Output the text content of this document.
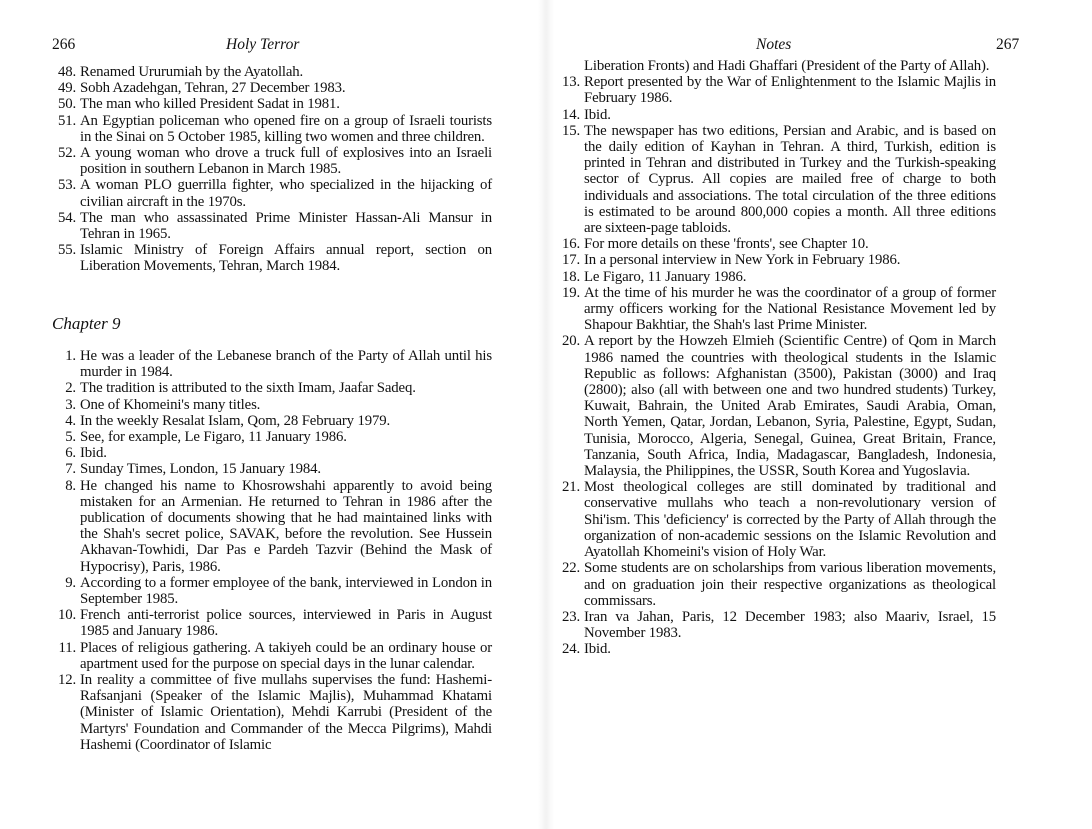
266	Holy Terror
48. Renamed Ururumiah by the Ayatollah.
49. Sobh Azadehgan, Tehran, 27 December 1983.
50. The man who killed President Sadat in 1981.
51. An Egyptian policeman who opened fire on a group of Israeli tourists in the Sinai on 5 October 1985, killing two women and three children.
52. A young woman who drove a truck full of explosives into an Israeli position in southern Lebanon in March 1985.
53. A woman PLO guerrilla fighter, who specialized in the hijacking of civilian aircraft in the 1970s.
54. The man who assassinated Prime Minister Hassan-Ali Mansur in Tehran in 1965.
55. Islamic Ministry of Foreign Affairs annual report, section on Liberation Movements, Tehran, March 1984.
Chapter 9
1. He was a leader of the Lebanese branch of the Party of Allah until his murder in 1984.
2. The tradition is attributed to the sixth Imam, Jaafar Sadeq.
3. One of Khomeini's many titles.
4. In the weekly Resalat Islam, Qom, 28 February 1979.
5. See, for example, Le Figaro, 11 January 1986.
6. Ibid.
7. Sunday Times, London, 15 January 1984.
8. He changed his name to Khosrowshahi apparently to avoid being mistaken for an Armenian. He returned to Tehran in 1986 after the publication of documents showing that he had maintained links with the Shah's secret police, SAVAK, before the revolution. See Hussein Akhavan-Towhidi, Dar Pas e Pardeh Tazvir (Behind the Mask of Hypocrisy), Paris, 1986.
9. According to a former employee of the bank, interviewed in London in September 1985.
10. French anti-terrorist police sources, interviewed in Paris in August 1985 and January 1986.
11. Places of religious gathering. A takiyeh could be an ordinary house or apartment used for the purpose on special days in the lunar calendar.
12. In reality a committee of five mullahs supervises the fund: Hashemi-Rafsanjani (Speaker of the Islamic Majlis), Muhammad Khatami (Minister of Islamic Orientation), Mehdi Karrubi (President of the Martyrs' Foundation and Commander of the Mecca Pilgrims), Mahdi Hashemi (Coordinator of Islamic
Notes	267
Liberation Fronts) and Hadi Ghaffari (President of the Party of Allah).
13. Report presented by the War of Enlightenment to the Islamic Majlis in February 1986.
14. Ibid.
15. The newspaper has two editions, Persian and Arabic, and is based on the daily edition of Kayhan in Tehran. A third, Turkish, edition is printed in Tehran and distributed in Turkey and the Turkish-speaking sector of Cyprus. All copies are mailed free of charge to both individuals and associations. The total circulation of the three editions is estimated to be around 800,000 copies a month. All three editions are sixteen-page tabloids.
16. For more details on these 'fronts', see Chapter 10.
17. In a personal interview in New York in February 1986.
18. Le Figaro, 11 January 1986.
19. At the time of his murder he was the coordinator of a group of former army officers working for the National Resistance Movement led by Shapour Bakhtiar, the Shah's last Prime Minister.
20. A report by the Howzeh Elmieh (Scientific Centre) of Qom in March 1986 named the countries with theological students in the Islamic Republic as follows: Afghanistan (3500), Pakistan (3000) and Iraq (2800); also (all with between one and two hundred students) Turkey, Kuwait, Bahrain, the United Arab Emirates, Saudi Arabia, Oman, North Yemen, Qatar, Jordan, Lebanon, Syria, Palestine, Egypt, Sudan, Tunisia, Morocco, Algeria, Senegal, Guinea, Great Britain, France, Tanzania, South Africa, India, Madagascar, Bangladesh, Indonesia, Malaysia, the Philippines, the USSR, South Korea and Yugoslavia.
21. Most theological colleges are still dominated by traditional and conservative mullahs who teach a non-revolutionary version of Shi'ism. This 'deficiency' is corrected by the Party of Allah through the organization of non-academic sessions on the Islamic Revolution and Ayatollah Khomeini's vision of Holy War.
22. Some students are on scholarships from various liberation movements, and on graduation join their respective organizations as theological commissars.
23. Iran va Jahan, Paris, 12 December 1983; also Maariv, Israel, 15 November 1983.
24. Ibid.
